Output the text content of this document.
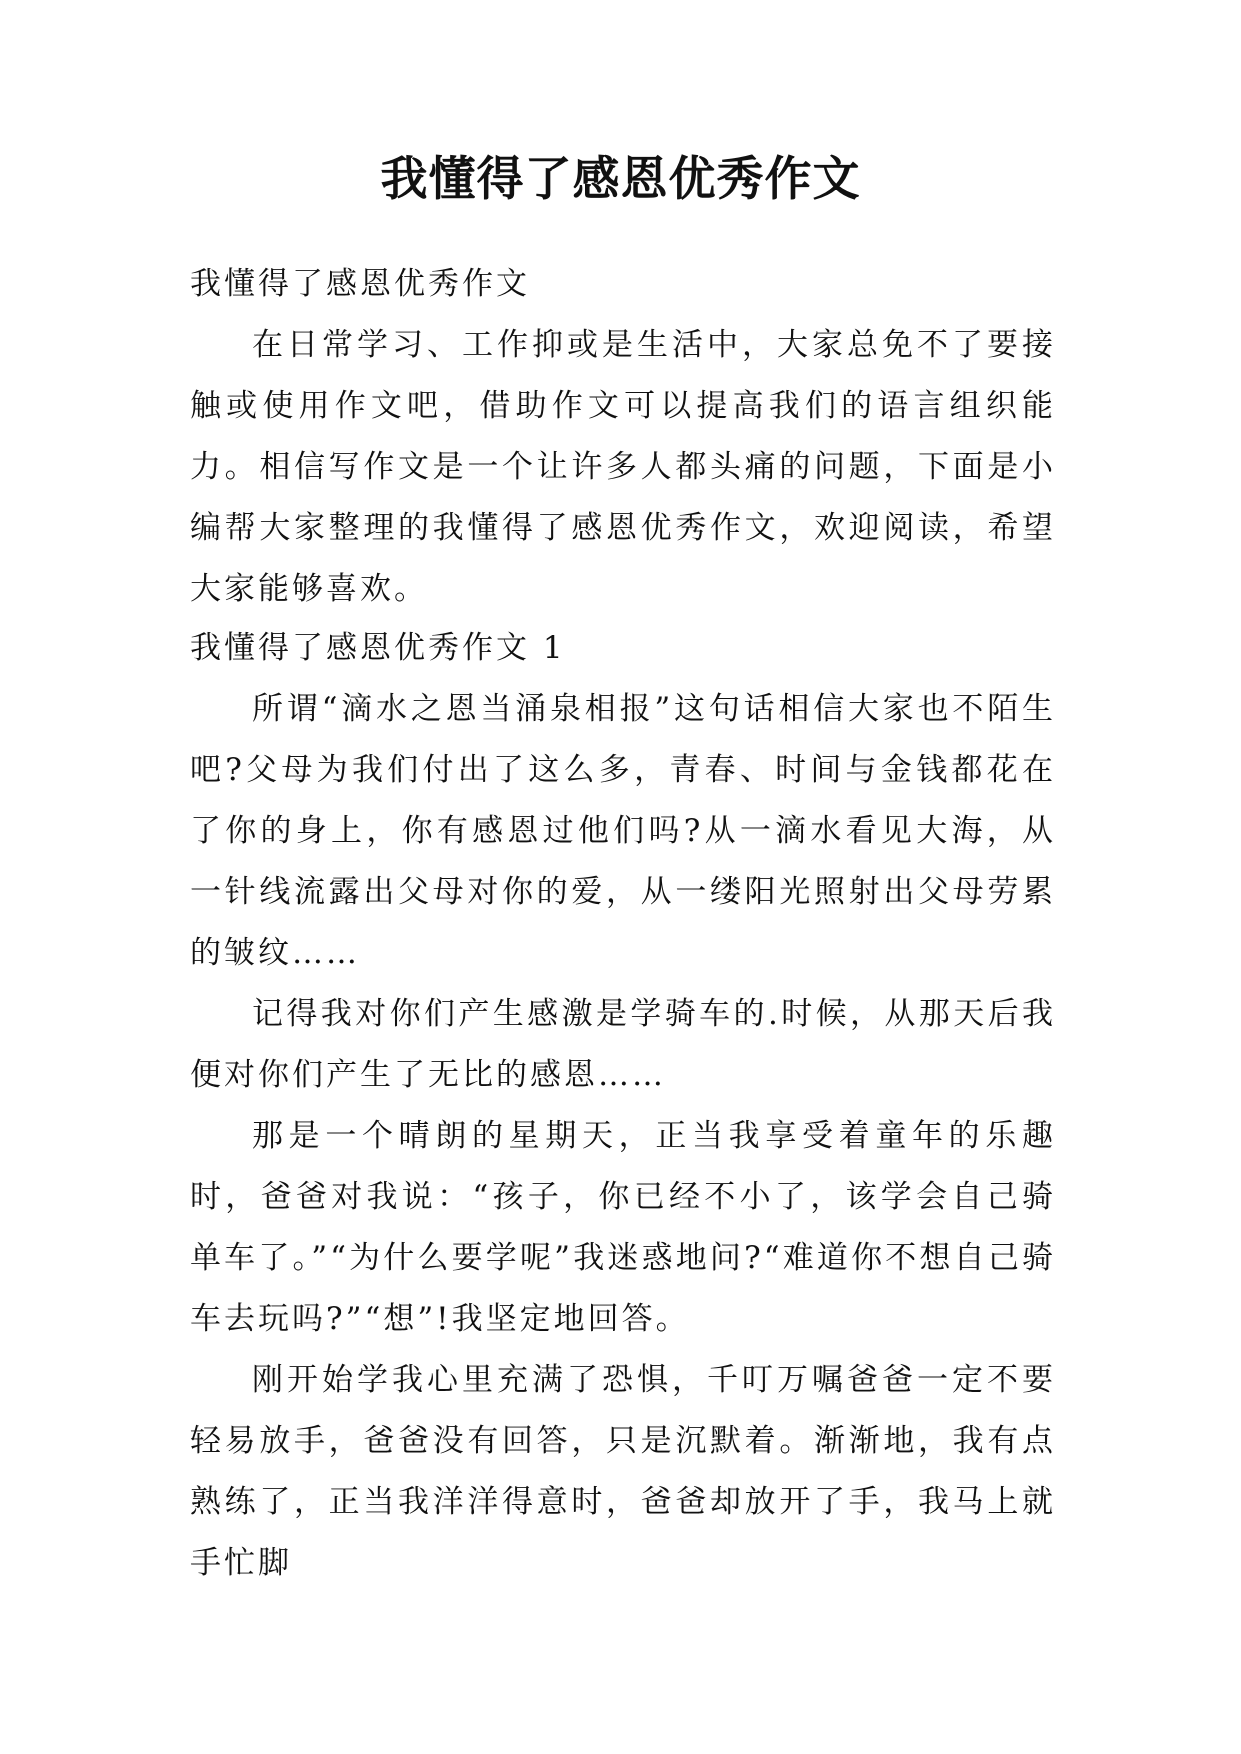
我懂得了感恩优秀作文

我懂得了感恩优秀作文

在日常学习、工作抑或是生活中，大家总免不了要接触或使用作文吧，借助作文可以提高我们的语言组织能力。相信写作文是一个让许多人都头痛的问题，下面是小编帮大家整理的我懂得了感恩优秀作文，欢迎阅读，希望大家能够喜欢。

我懂得了感恩优秀作文 1

所谓“滴水之恩当涌泉相报”这句话相信大家也不陌生吧?父母为我们付出了这么多，青春、时间与金钱都花在了你的身上，你有感恩过他们吗?从一滴水看见大海，从一针线流露出父母对你的爱，从一缕阳光照射出父母劳累的皱纹……

记得我对你们产生感激是学骑车的.时候，从那天后我便对你们产生了无比的感恩……

那是一个晴朗的星期天，正当我享受着童年的乐趣时，爸爸对我说：“孩子，你已经不小了，该学会自己骑单车了。”“为什么要学呢”我迷惑地问?“难道你不想自己骑车去玩吗?”“想”!我坚定地回答。

刚开始学我心里充满了恐惧，千叮万嘱爸爸一定不要轻易放手，爸爸没有回答，只是沉默着。渐渐地，我有点熟练了，正当我洋洋得意时，爸爸却放开了手，我马上就手忙脚
